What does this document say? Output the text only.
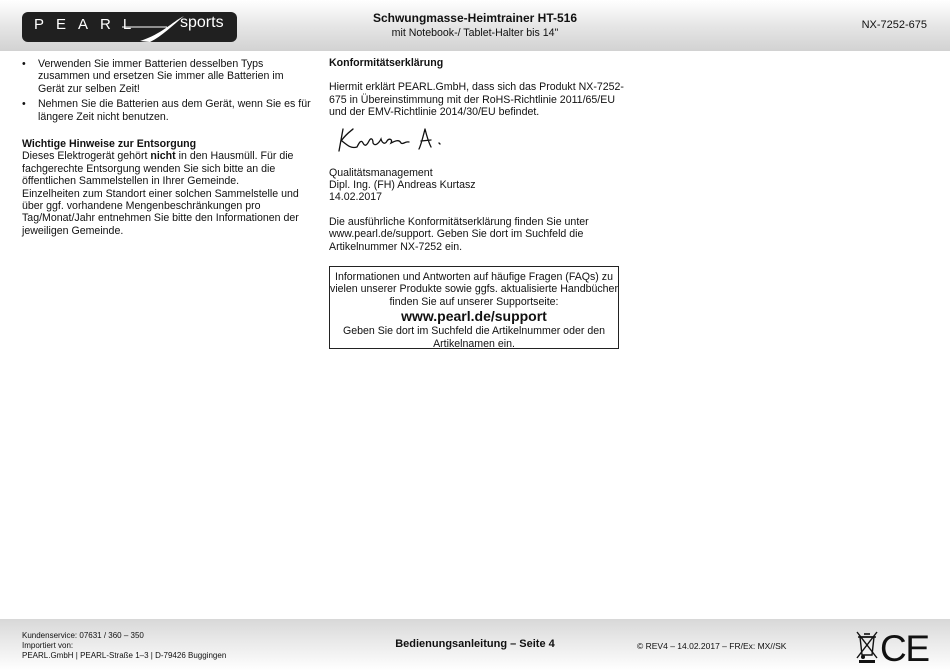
PEARL sports	Schwungmasse-Heimtrainer HT-516
mit Notebook-/ Tablet-Halter bis 14"
NX-7252-675
• Verwenden Sie immer Batterien desselben Typs zusammen und ersetzen Sie immer alle Batterien im Gerät zur selben Zeit!
• Nehmen Sie die Batterien aus dem Gerät, wenn Sie es für längere Zeit nicht benutzen.
Wichtige Hinweise zur Entsorgung

Dieses Elektrogerät gehört nicht in den Hausmüll. Für die fachgerechte Entsorgung wenden Sie sich bitte an die öffentlichen Sammelstellen in Ihrer Gemeinde.

Einzelheiten zum Standort einer solchen Sammelstelle und über ggf. vorhandene Mengenbeschränkungen pro Tag/Monat/Jahr entnehmen Sie bitte den Informationen der jeweiligen Gemeinde.

Konformitätserklärung

Hiermit erklärt PEARL.GmbH, dass sich das Produkt NX-7252-675 in Übereinstimmung mit der RoHS-Richtlinie 2011/65/EU und der EMV-Richtlinie 2014/30/EU befindet.

Qualitätsmanagement

Dipl. Ing. (FH) Andreas Kurtasz

14.02.2017

Die ausführliche Konformitätserklärung finden Sie unter www.pearl.de/support. Geben Sie dort im Suchfeld die Artikelnummer NX-7252 ein.

Informationen und Antworten auf häufige Fragen (FAQs) zu vielen unserer Produkte sowie ggfs. aktualisierte Handbücher finden Sie auf unserer Supportseite:

www.pearl.de/support

Geben Sie dort im Suchfeld die Artikelnummer oder den Artikelnamen ein.

Kundenservice: 07631 / 360 – 350
Importiert von:
PEARL.GmbH | PEARL-Straße 1–3 | D-79426 Buggingen
Bedienungsanleitung – Seite 4	© REV4 – 14.02.2017 – FR/Ex: MX//SK	CE
